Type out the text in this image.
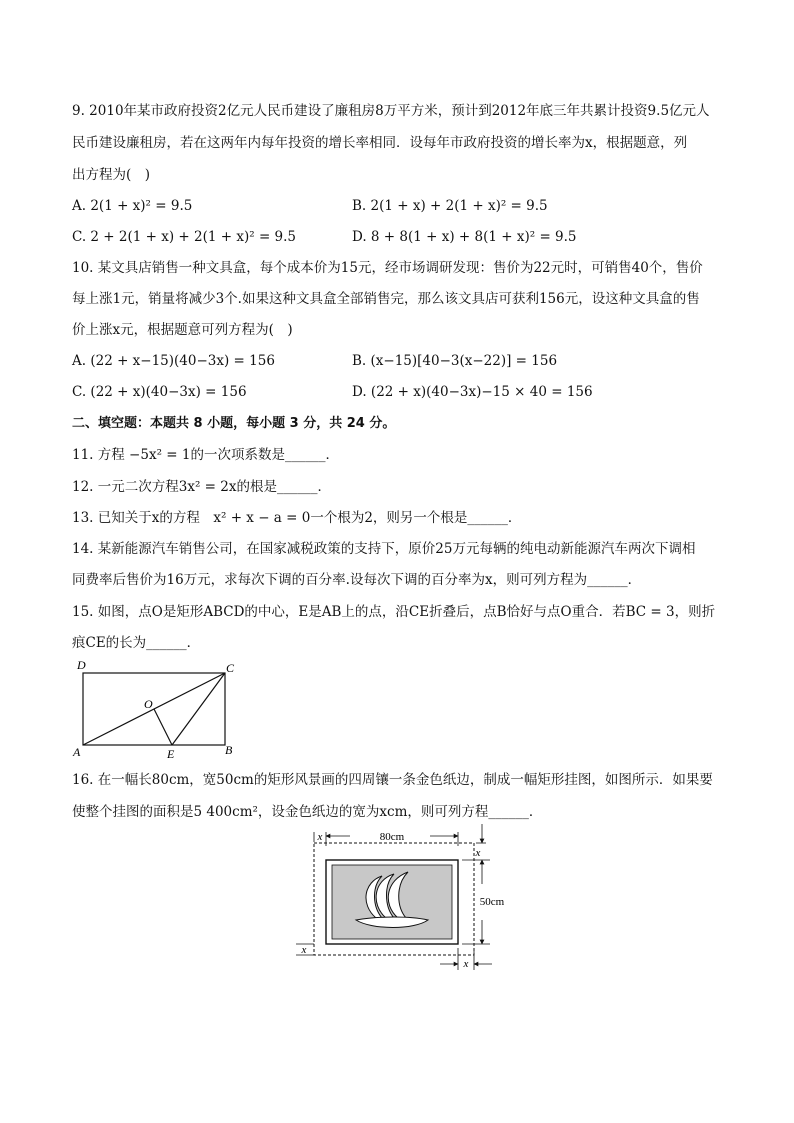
9. 2010年某市政府投资2亿元人民币建设了廉租房8万平方米，预计到2012年底三年共累计投资9.5亿元人
民币建设廉租房，若在这两年内每年投资的增长率相同．设每年市政府投资的增长率为x，根据题意，列
出方程为(　)
A. 2(1 + x)² = 9.5	B. 2(1 + x) + 2(1 + x)² = 9.5
C. 2 + 2(1 + x) + 2(1 + x)² = 9.5	D. 8 + 8(1 + x) + 8(1 + x)² = 9.5
10. 某文具店销售一种文具盒，每个成本价为15元，经市场调研发现：售价为22元时，可销售40个，售价
每上涨1元，销量将减少3个.如果这种文具盒全部销售完，那么该文具店可获利156元，设这种文具盒的售
价上涨x元，根据题意可列方程为(　)
A. (22 + x−15)(40−3x) = 156	B. (x−15)[40−3(x−22)] = 156
C. (22 + x)(40−3x) = 156	D. (22 + x)(40−3x)−15 × 40 = 156
二、填空题：本题共 8 小题，每小题 3 分，共 24 分。
11. 方程 −5x² = 1的一次项系数是______．
12. 一元二次方程3x² = 2x的根是______．
13. 已知关于x的方程　x² + x − a = 0一个根为2，则另一个根是______．
14. 某新能源汽车销售公司，在国家减税政策的支持下，原价25万元每辆的纯电动新能源汽车两次下调相
同费率后售价为16万元，求每次下调的百分率.设每次下调的百分率为x，则可列方程为______．
15. 如图，点O是矩形ABCD的中心，E是AB上的点，沿CE折叠后，点B恰好与点O重合．若BC = 3，则折
痕CE的长为______．
D	C
A	B
O
E
16. 在一幅长80cm，宽50cm的矩形风景画的四周镶一条金色纸边，制成一幅矩形挂图，如图所示．如果要
使整个挂图的面积是5 400cm²，设金色纸边的宽为xcm，则可列方程______．
80cm
x
x
50cm
x
x
